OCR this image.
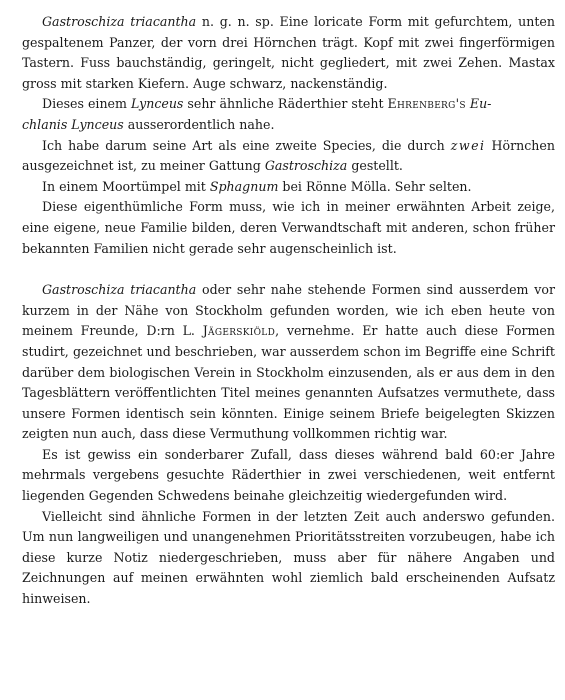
Gastroschiza triacantha n. g. n. sp. Eine loricate Form mit gefurchtem, unten gespaltenem Panzer, der vorn drei Hörnchen trägt. Kopf mit zwei fingerförmigen Tastern. Fuss bauchständig, geringelt, nicht gegliedert, mit zwei Zehen. Mastax gross mit starken Kiefern. Auge schwarz, nackenständig.

Dieses einem Lynceus sehr ähnliche Räderthier steht Ehrenberg's Eu-
chlanis Lynceus ausserordentlich nahe.

Ich habe darum seine Art als eine zweite Species, die durch zwei Hörnchen ausgezeichnet ist, zu meiner Gattung Gastroschiza gestellt.

In einem Moortümpel mit Sphagnum bei Rönne Mölla. Sehr selten.

Diese eigenthümliche Form muss, wie ich in meiner erwähnten Arbeit zeige, eine eigene, neue Familie bilden, deren Verwandtschaft mit anderen, schon früher bekannten Familien nicht gerade sehr augenscheinlich ist.

Gastroschiza triacantha oder sehr nahe stehende Formen sind ausserdem vor kurzem in der Nähe von Stockholm gefunden worden, wie ich eben heute von meinem Freunde, D:rn L. Jägerskiöld, vernehme. Er hatte auch diese Formen studirt, gezeichnet und beschrieben, war ausserdem schon im Begriffe eine Schrift darüber dem biologischen Verein in Stockholm einzusenden, als er aus dem in den Tagesblättern veröffentlichten Titel meines genannten Aufsatzes vermuthete, dass unsere Formen identisch sein könnten. Einige seinem Briefe beigelegten Skizzen zeigten nun auch, dass diese Vermuthung vollkommen richtig war.

Es ist gewiss ein sonderbarer Zufall, dass dieses während bald 60:er Jahre mehrmals vergebens gesuchte Räderthier in zwei verschiedenen, weit entfernt liegenden Gegenden Schwedens beinahe gleichzeitig wiedergefunden wird.

Vielleicht sind ähnliche Formen in der letzten Zeit auch anderswo gefunden. Um nun langweiligen und unangenehmen Prioritätsstreiten vorzubeugen, habe ich diese kurze Notiz niedergeschrieben, muss aber für nähere Angaben und Zeichnungen auf meinen erwähnten wohl ziemlich bald erscheinenden Aufsatz hinweisen.
